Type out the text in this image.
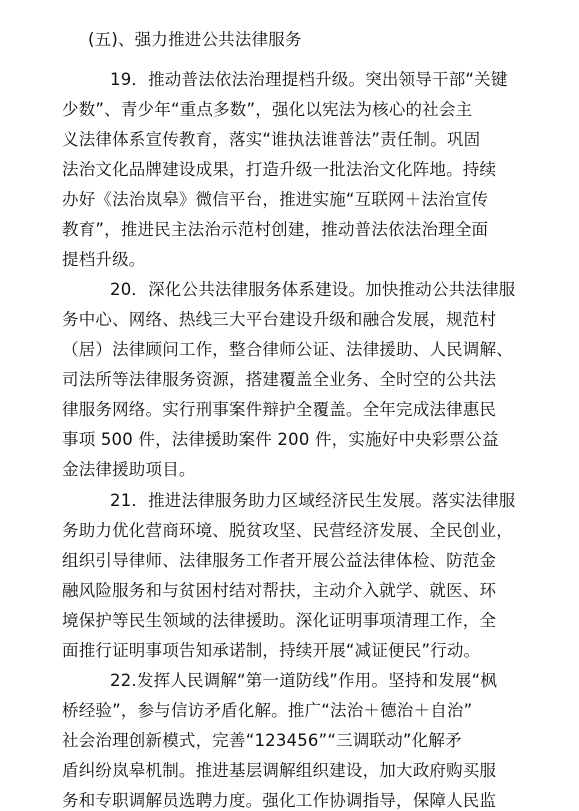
(五)、强力推进公共法律服务
19．推动普法依法治理提档升级。突出领导干部“关键
少数”、青少年“重点多数”，强化以宪法为核心的社会主
义法律体系宣传教育，落实“谁执法谁普法”责任制。巩固
法治文化品牌建设成果，打造升级一批法治文化阵地。持续
办好《法治岚皋》微信平台，推进实施“互联网＋法治宣传
教育”，推进民主法治示范村创建，推动普法依法治理全面
提档升级。
20．深化公共法律服务体系建设。加快推动公共法律服
务中心、网络、热线三大平台建设升级和融合发展，规范村
（居）法律顾问工作，整合律师公证、法律援助、人民调解、
司法所等法律服务资源，搭建覆盖全业务、全时空的公共法
律服务网络。实行刑事案件辩护全覆盖。全年完成法律惠民
事项 500 件，法律援助案件 200 件，实施好中央彩票公益
金法律援助项目。
21．推进法律服务助力区域经济民生发展。落实法律服
务助力优化营商环境、脱贫攻坚、民营经济发展、全民创业，
组织引导律师、法律服务工作者开展公益法律体检、防范金
融风险服务和与贫困村结对帮扶，主动介入就学、就医、环
境保护等民生领域的法律援助。深化证明事项清理工作，全
面推行证明事项告知承诺制，持续开展“减证便民”行动。
22.发挥人民调解“第一道防线”作用。坚持和发展“枫
桥经验”，参与信访矛盾化解。推广“法治＋德治＋自治”
社会治理创新模式，完善“123456”“三调联动”化解矛
盾纠纷岚皋机制。推进基层调解组织建设，加大政府购买服
务和专职调解员选聘力度。强化工作协调指导，保障人民监
